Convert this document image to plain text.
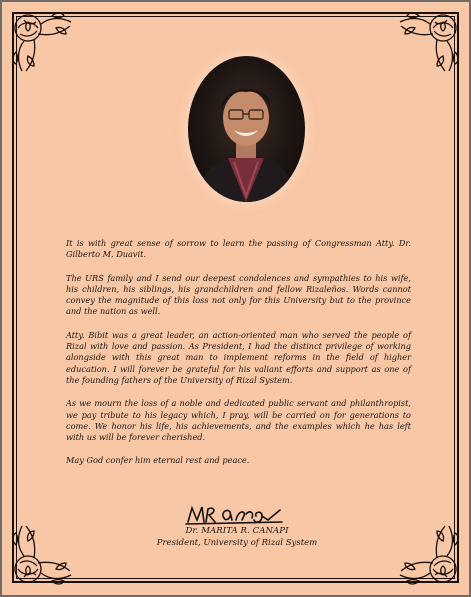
It is with great sense of sorrow to learn the passing of Congressman Atty. Dr. Gilberto M. Duavit.

The URS family and I send our deepest condolences and sympathies to his wife, his children, his siblings, his grandchildren and fellow Rizaleños. Words cannot convey the magnitude of this loss not only for this University but to the province and the nation as well.

Atty. Bibit was a great leader, an action-oriented man who served the people of Rizal with love and passion. As President, I had the distinct privilege of working alongside with this great man to implement reforms in the field of higher education. I will forever be grateful for his valiant efforts and support as one of the founding fathers of the University of Rizal System.

As we mourn the loss of a noble and dedicated public servant and philanthropist, we pay tribute to his legacy which, I pray, will be carried on for generations to come. We honor his life, his achievements, and the examples which he has left with us will be forever cherished.

May God confer him eternal rest and peace.

Dr. MARITA R. CANAPI
President, University of Rizal System
